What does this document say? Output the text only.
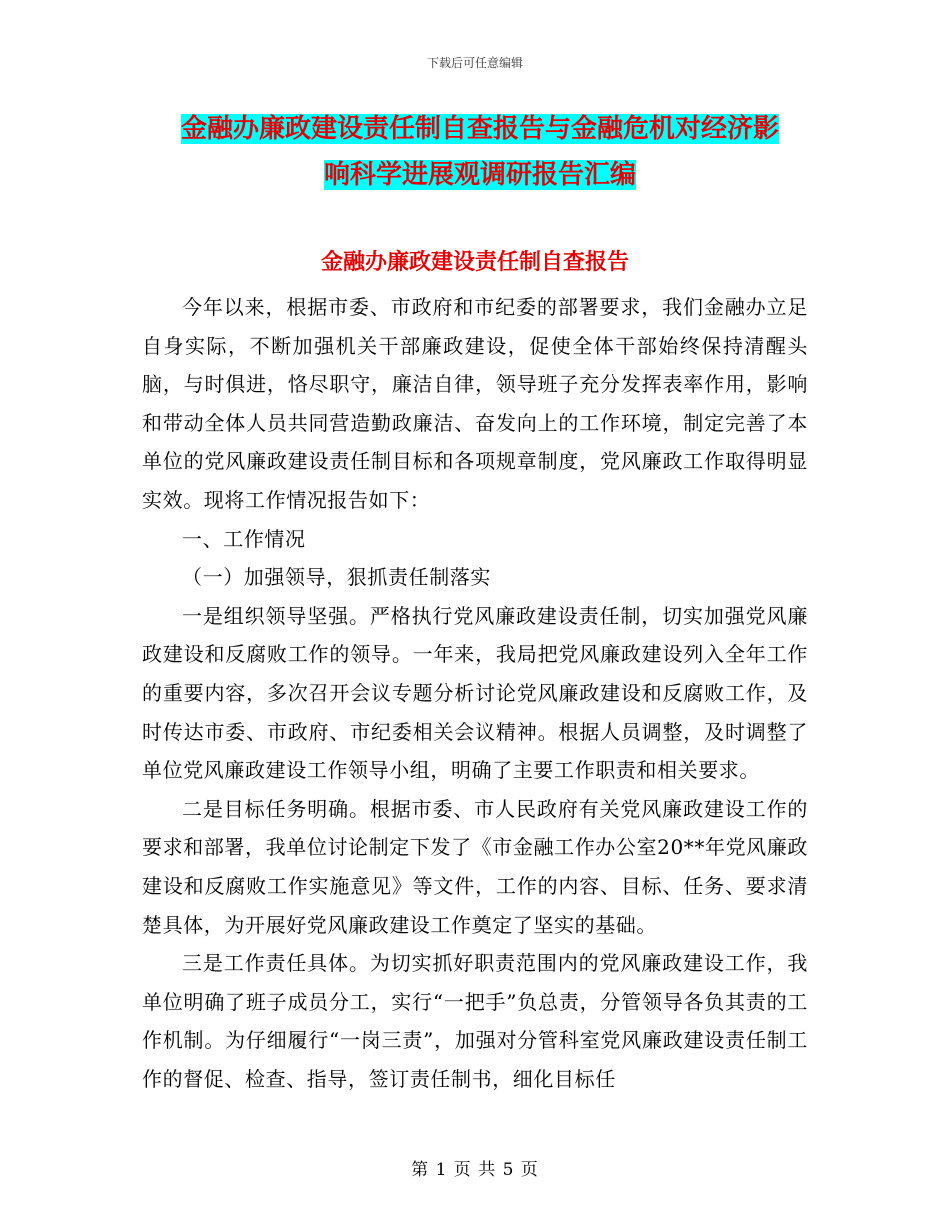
下载后可任意编辑
金融办廉政建设责任制自查报告与金融危机对经济影
响科学进展观调研报告汇编
金融办廉政建设责任制自查报告

今年以来，根据市委、市政府和市纪委的部署要求，我们金融办立足自身实际，不断加强机关干部廉政建设，促使全体干部始终保持清醒头脑，与时俱进，恪尽职守，廉洁自律，领导班子充分发挥表率作用，影响和带动全体人员共同营造勤政廉洁、奋发向上的工作环境，制定完善了本单位的党风廉政建设责任制目标和各项规章制度，党风廉政工作取得明显实效。现将工作情况报告如下：

一、工作情况

（一）加强领导，狠抓责任制落实

一是组织领导坚强。严格执行党风廉政建设责任制，切实加强党风廉政建设和反腐败工作的领导。一年来，我局把党风廉政建设列入全年工作的重要内容，多次召开会议专题分析讨论党风廉政建设和反腐败工作，及时传达市委、市政府、市纪委相关会议精神。根据人员调整，及时调整了单位党风廉政建设工作领导小组，明确了主要工作职责和相关要求。

二是目标任务明确。根据市委、市人民政府有关党风廉政建设工作的要求和部署，我单位讨论制定下发了《市金融工作办公室20**年党风廉政建设和反腐败工作实施意见》等文件，工作的内容、目标、任务、要求清楚具体，为开展好党风廉政建设工作奠定了坚实的基础。

三是工作责任具体。为切实抓好职责范围内的党风廉政建设工作，我单位明确了班子成员分工，实行“一把手”负总责，分管领导各负其责的工作机制。为仔细履行“一岗三责”，加强对分管科室党风廉政建设责任制工作的督促、检查、指导，签订责任制书，细化目标任

第 1 页 共 5 页
